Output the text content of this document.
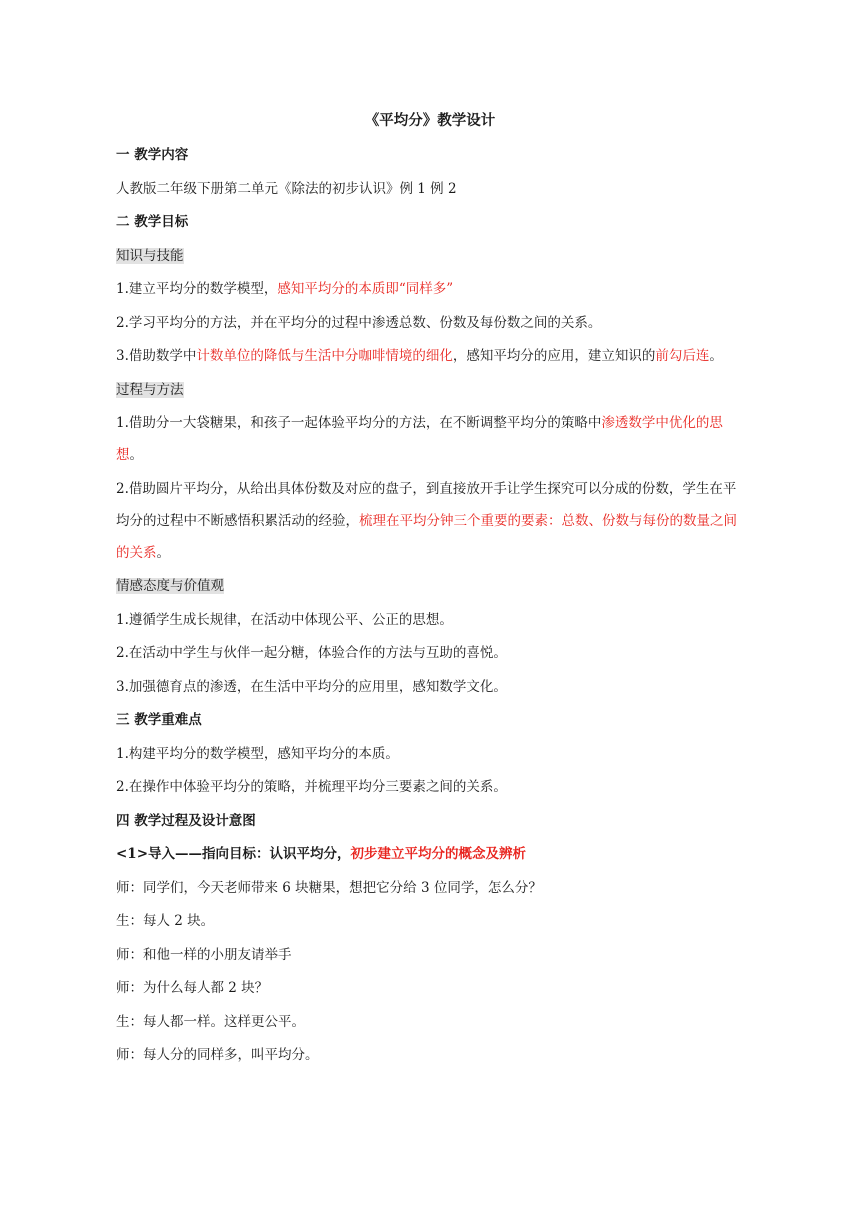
《平均分》教学设计

一 教学内容

人教版二年级下册第二单元《除法的初步认识》例 1 例 2

二 教学目标

知识与技能

1.建立平均分的数学模型，感知平均分的本质即“同样多”

2.学习平均分的方法，并在平均分的过程中渗透总数、份数及每份数之间的关系。

3.借助数学中计数单位的降低与生活中分咖啡情境的细化，感知平均分的应用，建立知识的前勾后连。

过程与方法

1.借助分一大袋糖果，和孩子一起体验平均分的方法，在不断调整平均分的策略中渗透数学中优化的思想。

2.借助圆片平均分，从给出具体份数及对应的盘子，到直接放开手让学生探究可以分成的份数，学生在平均分的过程中不断感悟积累活动的经验，梳理在平均分钟三个重要的要素：总数、份数与每份的数量之间的关系。

情感态度与价值观

1.遵循学生成长规律，在活动中体现公平、公正的思想。

2.在活动中学生与伙伴一起分糖，体验合作的方法与互助的喜悦。

3.加强德育点的渗透，在生活中平均分的应用里，感知数学文化。

三 教学重难点

1.构建平均分的数学模型，感知平均分的本质。

2.在操作中体验平均分的策略，并梳理平均分三要素之间的关系。

四 教学过程及设计意图

<1>导入——指向目标：认识平均分，初步建立平均分的概念及辨析

师：同学们，今天老师带来 6 块糖果，想把它分给 3 位同学，怎么分？

生：每人 2 块。

师：和他一样的小朋友请举手

师：为什么每人都 2 块？

生：每人都一样。这样更公平。

师：每人分的同样多，叫平均分。
